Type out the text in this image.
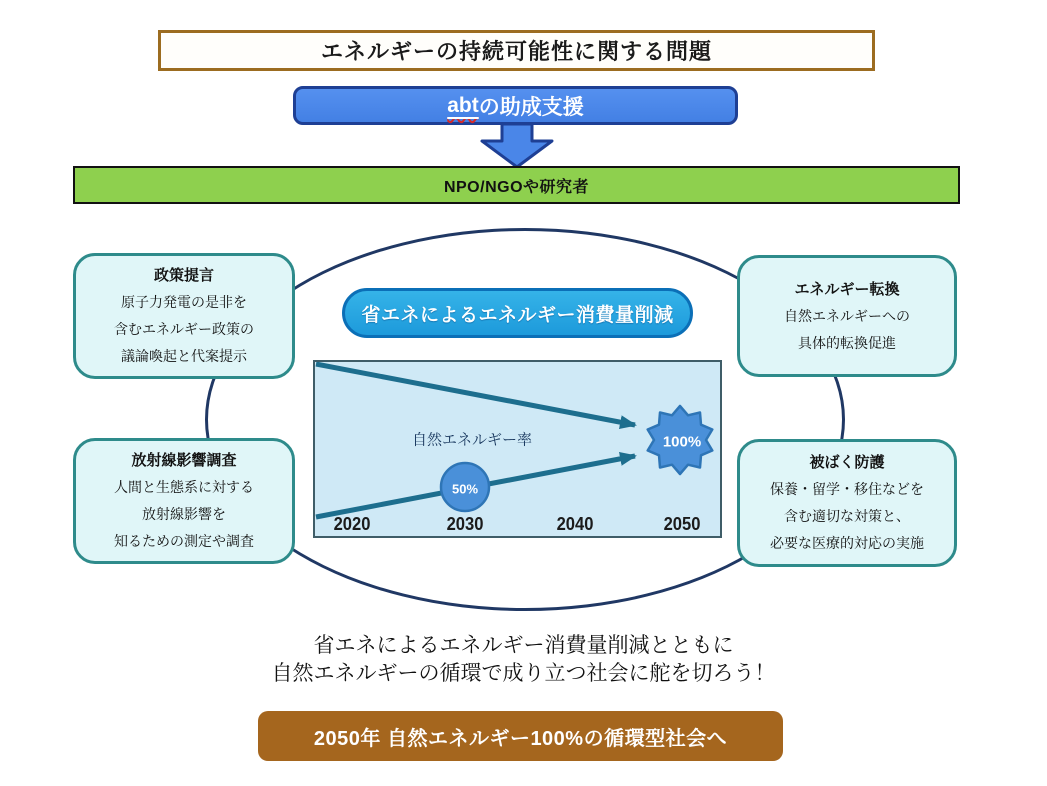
エネルギーの持続可能性に関する問題
abt の助成支援
NPO/NGOや研究者
政策提言
原子力発電の是非を
含むエネルギー政策の
議論喚起と代案提示
エネルギー転換
自然エネルギーへの
具体的転換促進
放射線影響調査
人間と生態系に対する
放射線影響を
知るための測定や調査
被ばく防護
保養・留学・移住などを
含む適切な対策と、
必要な医療的対応の実施
省エネによるエネルギー消費量削減
自然エネルギー率
50%
100%
2020	2030	2040	2050
省エネによるエネルギー消費量削減とともに
自然エネルギーの循環で成り立つ社会に舵を切ろう！
2050年 自然エネルギー100%の循環型社会へ
